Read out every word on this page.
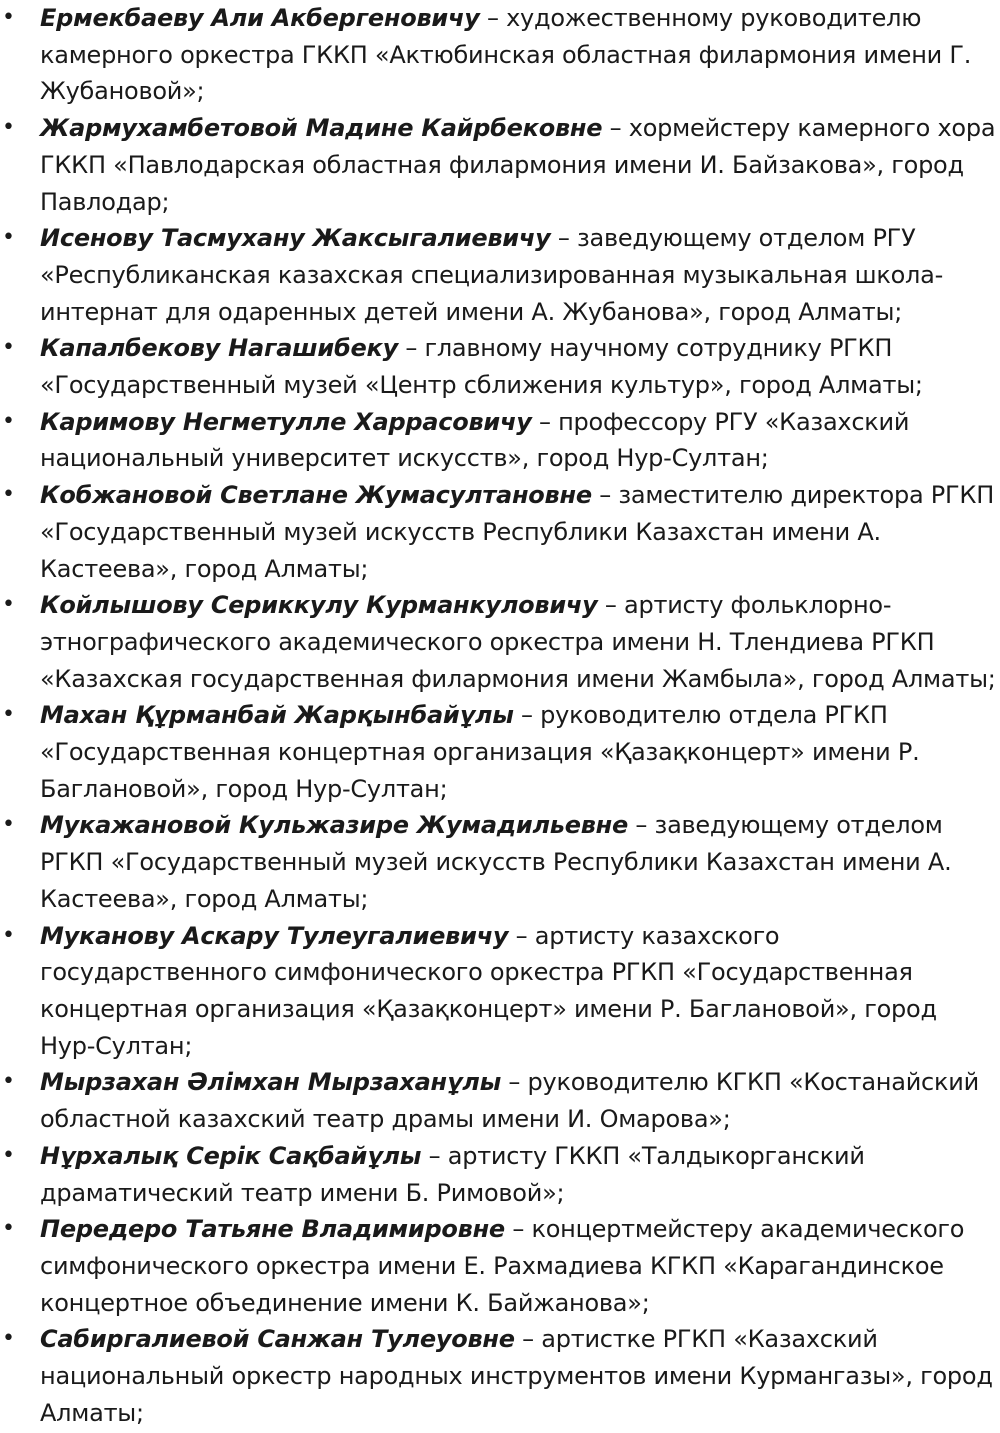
• Ермекбаеву Али Акбергеновичу – художественному руководителю камерного оркестра ГККП «Актюбинская областная филармония имени Г. Жубановой»;
• Жармухамбетовой Мадине Кайрбековне – хормейстеру камерного хора ГККП «Павлодарская областная филармония имени И. Байзакова», город Павлодар;
• Исенову Тасмухану Жаксыгалиевичу – заведующему отделом РГУ «Республиканская казахская специализированная музыкальная школа-интернат для одаренных детей имени А. Жубанова», город Алматы;
• Капалбекову Нагашибеку – главному научному сотруднику РГКП «Государственный музей «Центр сближения культур», город Алматы;
• Каримову Негметулле Харрасовичу – профессору РГУ «Казахский национальный университет искусств», город Нур-Султан;
• Кобжановой Светлане Жумасултановне – заместителю директора РГКП «Государственный музей искусств Республики Казахстан имени А. Кастеева», город Алматы;
• Койлышову Сериккулу Курманкуловичу – артисту фольклорно-этнографического академического оркестра имени Н. Тлендиева РГКП «Казахская государственная филармония имени Жамбыла», город Алматы;
• Махан Құрманбай Жарқынбайұлы – руководителю отдела РГКП «Государственная концертная организация «Қазақконцерт» имени Р. Баглановой», город Нур-Султан;
• Мукажановой Кульжазире Жумадильевне – заведующему отделом РГКП «Государственный музей искусств Республики Казахстан имени А. Кастеева», город Алматы;
• Муканову Аскару Тулеугалиевичу – артисту казахского государственного симфонического оркестра РГКП «Государственная концертная организация «Қазақконцерт» имени Р. Баглановой», город Нур-Султан;
• Мырзахан Әлімхан Мырзаханұлы – руководителю КГКП «Костанайский областной казахский театр драмы имени И. Омарова»;
• Нұрхалық Серік Сақбайұлы – артисту ГККП «Талдыкорганский драматический театр имени Б. Римовой»;
• Передеро Татьяне Владимировне – концертмейстеру академического симфонического оркестра имени Е. Рахмадиева КГКП «Карагандинское концертное объединение имени К. Байжанова»;
• Сабиргалиевой Санжан Тулеуовне – артистке РГКП «Казахский национальный оркестр народных инструментов имени Курмангазы», город Алматы;
